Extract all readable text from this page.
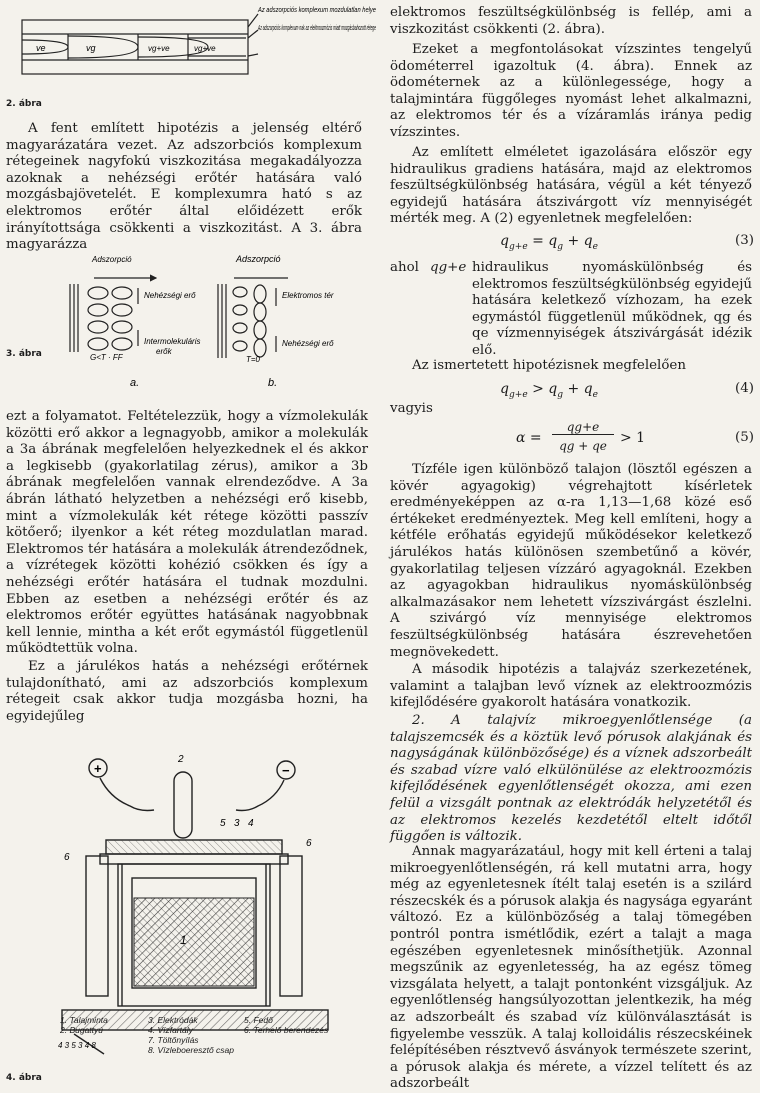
ve	vg	vg+ve	vg+ve
Az adszorpciós komplexum mozdulatlan helye
Az adszorpciós komplexum nak az elektroozmózis miatt mozgásbahozott rétege
2. ábra

A fent említett hipotézis a jelenség eltérő magyarázatára vezet. Az adszorbciós komplexum rétegeinek nagyfokú viszkozitása megakadályozza azoknak a nehézségi erőtér hatására való mozgásbajövetelét. E komplexumra ható s az elektromos erőtér által előidézett erők irányítottsága csökkenti a viszkozitást. A 3. ábra magyarázza

Adszorpció
Nehézségi erő
Intermolekuláris
erők
G<T · FF
a.
Adszorpció
Elektromos tér
Nehézségi erő
T=0
b.
3. ábra

ezt a folyamatot. Feltételezzük, hogy a vízmolekulák közötti erő akkor a legnagyobb, amikor a molekulák a 3a ábrának megfelelően helyezkednek el és akkor a legkisebb (gyakorlatilag zérus), amikor a 3b ábrának megfelelően vannak elrendeződve. A 3a ábrán látható helyzetben a nehézségi erő kisebb, mint a vízmolekulák két rétege közötti passzív kötőerő; ilyenkor a két réteg mozdulatlan marad. Elektromos tér hatására a molekulák átrendeződnek, a vízrétegek közötti kohézió csökken és így a nehézségi erőtér hatására el tudnak mozdulni. Ebben az esetben a nehézségi erőtér és az elektromos erőtér együttes hatásának nagyobbnak kell lennie, mintha a két erőt egymástól függetlenül működtettük volna.

Ez a járulékos hatás a nehézségi erőtérnek tulajdonítható, ami az adszorbciós komplexum rétegeit csak akkor tudja mozgásba hozni, ha egyidejűleg

+	−
2
5 3 4
1
6
6
4 3 5 3 4 8
1. Talajminta
2. Bugattyú
3. Elektródák
4. Vízfartály
7. Töltőnyílás
8. Vízleboeresztő csap
5. Fedő
6. Terhelő berendezés
4. ábra

elektromos feszültségkülönbség is fellép, ami a viszkozitást csökkenti (2. ábra).

Ezeket a megfontolásokat vízszintes tengelyű ödométerrel igazoltuk (4. ábra). Ennek az ödométernek az a különlegessége, hogy a talajmintára függőleges nyomást lehet alkalmazni, az elektromos tér és a vízáramlás iránya pedig vízszintes.

Az említett elméletet igazolására először egy hidraulikus gradiens hatására, majd az elektromos feszültségkülönbség hatására, végül a két tényező egyidejű hatására átszivárgott víz mennyiségét mérték meg. A (2) egyenletnek megfelelően:

$q_{g+e} = q_g + q_e$	(3)
ahol qg+e hidraulikus nyomáskülönbség és elektromos feszültségkülönbség egyidejű hatására keletkező vízhozam, ha ezek egymástól függetlenül működnek, qg és qe vízmennyiségek átszivárgását idézik elő.

Az ismertetett hipotézisnek megfelelően

$q_{g+e} > q_g + q_e$	(4)

vagyis

α =
qg+e
qg + qe > 1	(5)

Tízféle igen különböző talajon (lösztől egészen a kövér agyagokig) végrehajtott kísérletek eredményeképpen az α-ra 1,13—1,68 közé eső értékeket eredményeztek. Meg kell említeni, hogy a kétféle erőhatás egyidejű működésekor keletkező járulékos hatás különösen szembetűnő a kövér, gyakorlatilag teljesen vízzáró agyagoknál. Ezekben az agyagokban hidraulikus nyomáskülönbség alkalmazásakor nem lehetett vízszivárgást észlelni. A szivárgó víz mennyisége elektromos feszültségkülönbség hatására észrevehetően megnövekedett.

A második hipotézis a talajváz szerkezetének, valamint a talajban levő víznek az elektroozmózis kifejlődésére gyakorolt hatására vonatkozik.

2. A talajvíz mikroegyenlőtlensége (a talajszemcsék és a köztük levő pórusok alakjának és nagyságának különbözősége) és a víznek adszorbeált és szabad vízre való elkülönülése az elektroozmózis kifejlődésének egyenlőtlenségét okozza, ami ezen felül a vizsgált pontnak az elektródák helyzetétől és az elektromos kezelés kezdetétől eltelt időtől függően is változik.

Annak magyarázatául, hogy mit kell érteni a talaj mikroegyenlőtlenségén, rá kell mutatni arra, hogy még az egyenletesnek ítélt talaj esetén is a szilárd részecskék és a pórusok alakja és nagysága egyaránt változó. Ez a különbözőség a talaj tömegében pontról pontra ismétlődik, ezért a talajt a maga egészében egyenletesnek minősíthetjük. Azonnal megszűnik az egyenletesség, ha az egész tömeg vizsgálata helyett, a talajt pontonként vizsgáljuk. Az egyenlőtlenség hangsúlyozottan jelentkezik, ha még az adszorbeált és szabad víz különválasztását is figyelembe vesszük. A talaj kolloidális részecskéinek felépítésében résztvevő ásványok természete szerint, a pórusok alakja és mérete, a vízzel telített és az adszorbeált
